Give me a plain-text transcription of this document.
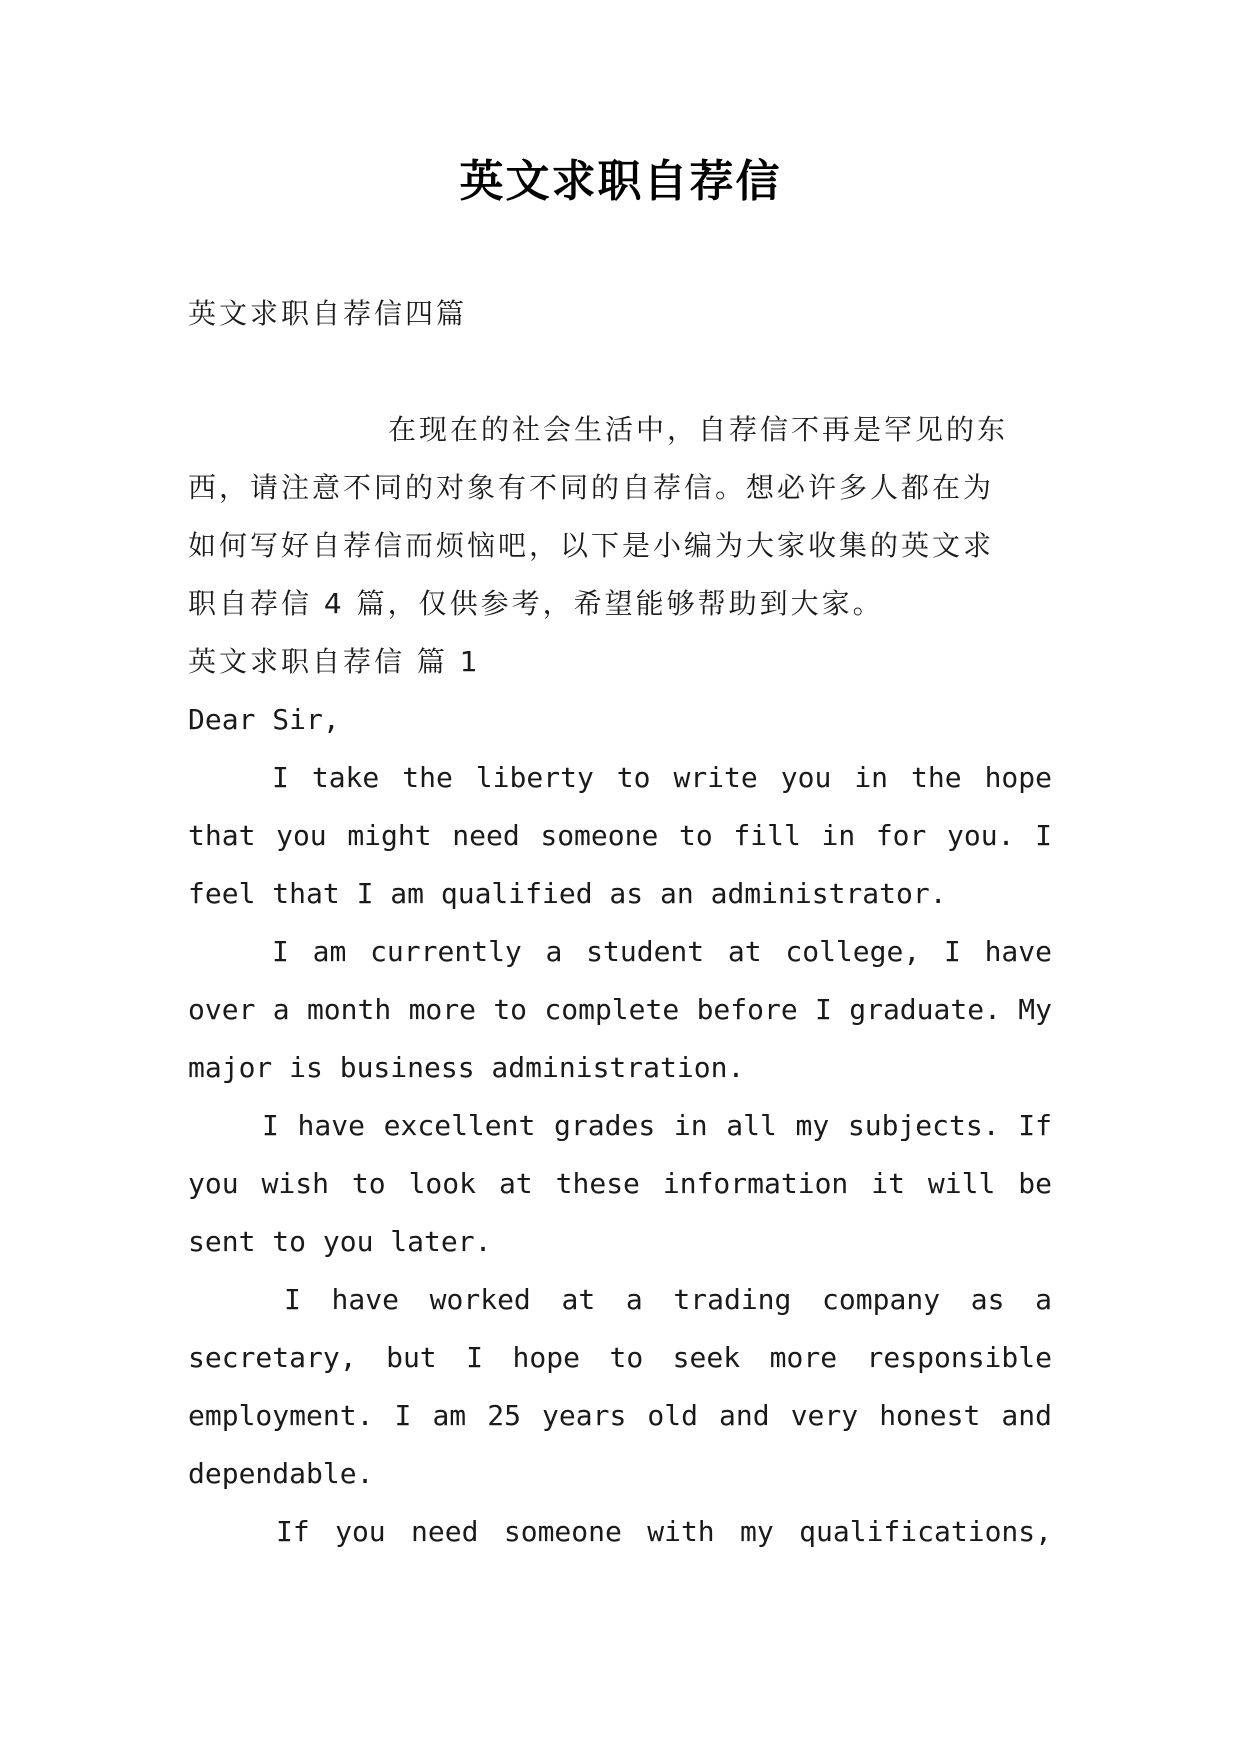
英文求职自荐信
英文求职自荐信四篇
在现在的社会生活中，自荐信不再是罕见的东
西，请注意不同的对象有不同的自荐信。想必许多人都在为
如何写好自荐信而烦恼吧，以下是小编为大家收集的英文求
职自荐信 4 篇，仅供参考，希望能够帮助到大家。
英文求职自荐信 篇 1
Dear Sir,
I take the liberty to write you in the hope
that you might need someone to fill in for you. I
feel that I am qualified as an administrator.
I am currently a student at college, I have
over a month more to complete before I graduate. My
major is business administration.
I have excellent grades in all my subjects. If
you wish to look at these information it will be
sent to you later.
I have worked at a trading company as a
secretary, but I hope to seek more responsible
employment. I am 25 years old and very honest and
dependable.
If you need someone with my qualifications,
